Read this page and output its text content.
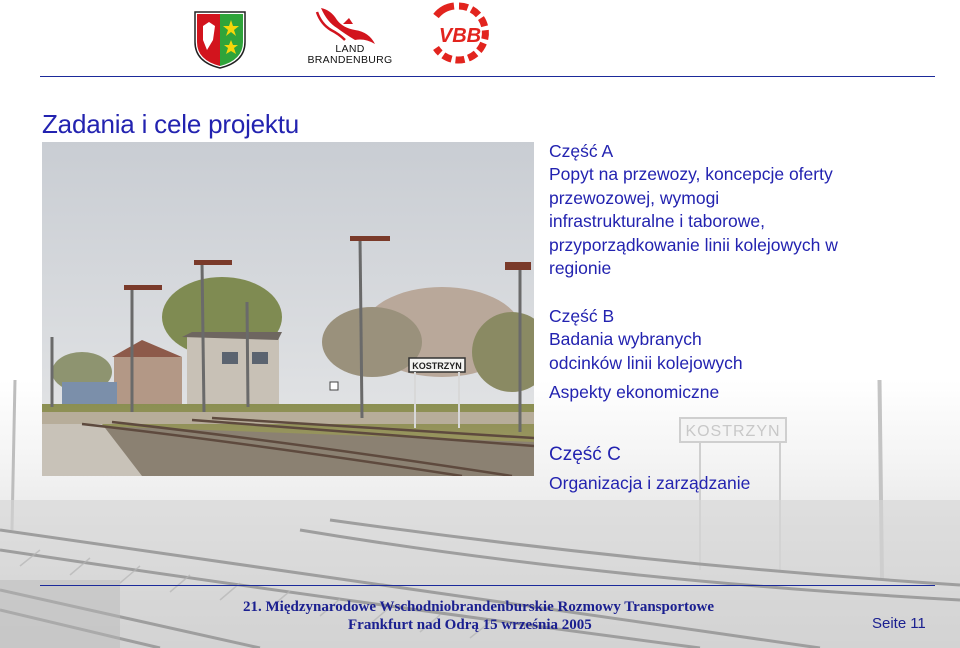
KOSTRZYN
LAND
BRANDENBURG
VBB
Zadania i cele projektu
KOSTRZYN

Część A

Popyt na przewozy, koncepcje oferty

przewozowej, wymogi

infrastrukturalne i taborowe,

przyporządkowanie linii kolejowych w

regionie

Część B

Badania wybranych

odcinków linii kolejowych

Aspekty ekonomiczne

Część C

Organizacja i zarządzanie

21. Międzynarodowe Wschodniobrandenburskie Rozmowy Transportowe
Frankfurt nad Odrą 15 września 2005	Seite 11
